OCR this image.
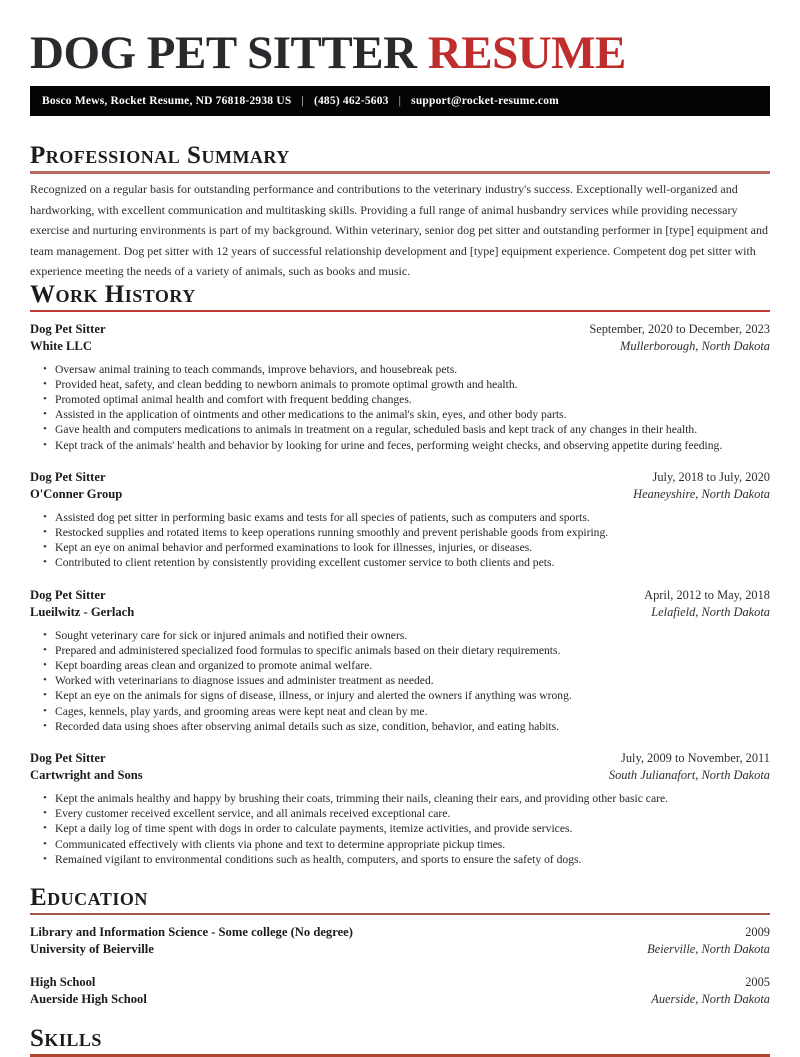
DOG PET SITTER RESUME
Bosco Mews, Rocket Resume, ND 76818-2938 US | (485) 462-5603 | support@rocket-resume.com
Professional Summary

Recognized on a regular basis for outstanding performance and contributions to the veterinary industry's success. Exceptionally well-organized and hardworking, with excellent communication and multitasking skills. Providing a full range of animal husbandry services while providing necessary exercise and nurturing environments is part of my background. Within veterinary, senior dog pet sitter and outstanding performer in [type] equipment and team management. Dog pet sitter with 12 years of successful relationship development and [type] equipment experience. Competent dog pet sitter with experience meeting the needs of a variety of animals, such as books and music.

Work History
Dog Pet Sitter	September, 2020 to December, 2023
White LLC	Mullerborough, North Dakota
• Oversaw animal training to teach commands, improve behaviors, and housebreak pets.
• Provided heat, safety, and clean bedding to newborn animals to promote optimal growth and health.
• Promoted optimal animal health and comfort with frequent bedding changes.
• Assisted in the application of ointments and other medications to the animal's skin, eyes, and other body parts.
• Gave health and computers medications to animals in treatment on a regular, scheduled basis and kept track of any changes in their health.
• Kept track of the animals' health and behavior by looking for urine and feces, performing weight checks, and observing appetite during feeding.
Dog Pet Sitter	July, 2018 to July, 2020
O'Conner Group	Heaneyshire, North Dakota
• Assisted dog pet sitter in performing basic exams and tests for all species of patients, such as computers and sports.
• Restocked supplies and rotated items to keep operations running smoothly and prevent perishable goods from expiring.
• Kept an eye on animal behavior and performed examinations to look for illnesses, injuries, or diseases.
• Contributed to client retention by consistently providing excellent customer service to both clients and pets.
Dog Pet Sitter	April, 2012 to May, 2018
Lueilwitz - Gerlach	Lelafield, North Dakota
• Sought veterinary care for sick or injured animals and notified their owners.
• Prepared and administered specialized food formulas to specific animals based on their dietary requirements.
• Kept boarding areas clean and organized to promote animal welfare.
• Worked with veterinarians to diagnose issues and administer treatment as needed.
• Kept an eye on the animals for signs of disease, illness, or injury and alerted the owners if anything was wrong.
• Cages, kennels, play yards, and grooming areas were kept neat and clean by me.
• Recorded data using shoes after observing animal details such as size, condition, behavior, and eating habits.
Dog Pet Sitter	July, 2009 to November, 2011
Cartwright and Sons	South Julianafort, North Dakota
• Kept the animals healthy and happy by brushing their coats, trimming their nails, cleaning their ears, and providing other basic care.
• Every customer received excellent service, and all animals received exceptional care.
• Kept a daily log of time spent with dogs in order to calculate payments, itemize activities, and provide services.
• Communicated effectively with clients via phone and text to determine appropriate pickup times.
• Remained vigilant to environmental conditions such as health, computers, and sports to ensure the safety of dogs.
Education
Library and Information Science - Some college (No degree)	2009
University of Beierville	Beierville, North Dakota
High School	2005
Auerside High School	Auerside, North Dakota
Skills
